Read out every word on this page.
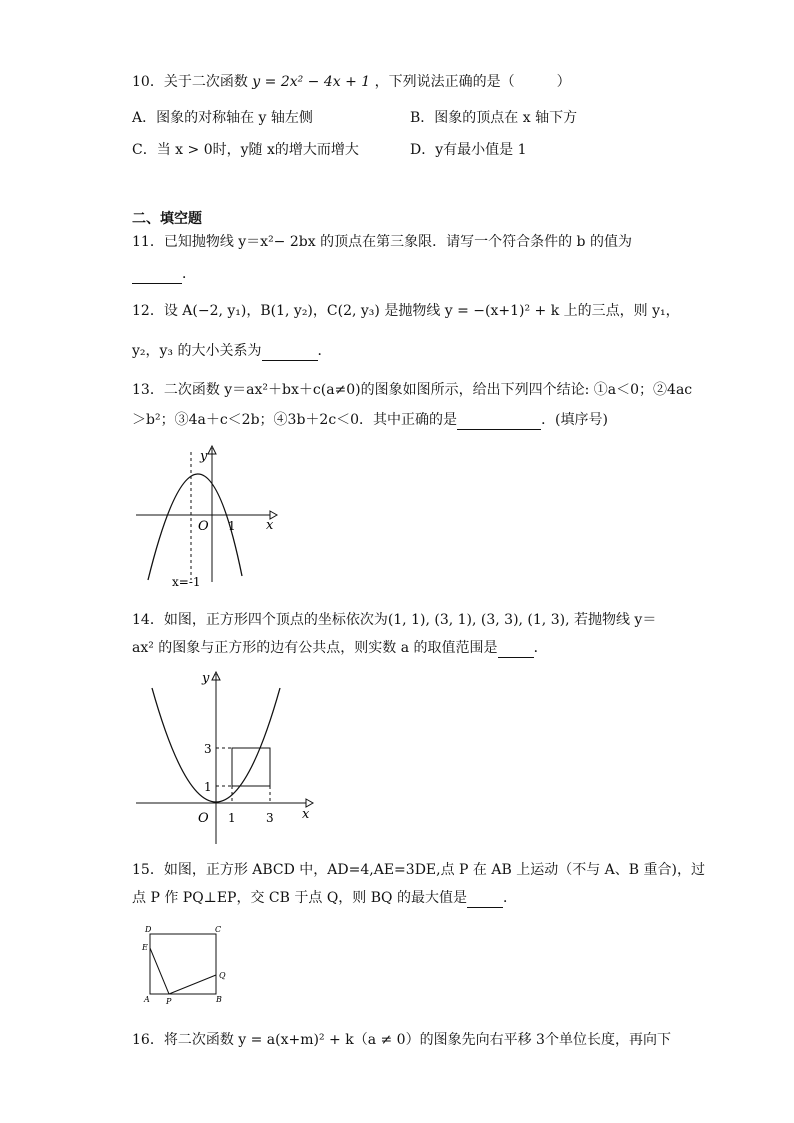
10．关于二次函数 y = 2x² − 4x + 1 ，下列说法正确的是（　　　）
A．图象的对称轴在 y 轴左侧	B．图象的顶点在 x 轴下方
C．当 x > 0时，y随 x的增大而增大	D．y有最小值是 1
二、填空题
11．已知抛物线 y＝x²− 2bx 的顶点在第三象限．请写一个符合条件的 b 的值为
．
12．设 A(−2, y₁)，B(1, y₂)，C(2, y₃) 是抛物线 y = −(x+1)² + k 上的三点，则 y₁，
y₂，y₃ 的大小关系为	．
13．二次函数 y＝ax²＋bx＋c(a≠0)的图象如图所示，给出下列四个结论: ①a＜0；②4ac
＞b²；③4a＋c＜2b；④3b＋2c＜0．其中正确的是	．(填序号)
y
x
O 1
x=-1
14．如图，正方形四个顶点的坐标依次为(1, 1), (3, 1), (3, 3), (1, 3), 若抛物线 y＝
ax² 的图象与正方形的边有公共点，则实数 a 的取值范围是	．
y
x
O 1	3
1
3
15．如图，正方形 ABCD 中，AD=4,AE=3DE,点 P 在 AB 上运动（不与 A、B 重合)，过
点 P 作 PQ⊥EP，交 CB 于点 Q，则 BQ 的最大值是	．
D	C
E
Q
A P	B
16．将二次函数 y = a(x+m)² + k（a ≠ 0）的图象先向右平移 3个单位长度，再向下
